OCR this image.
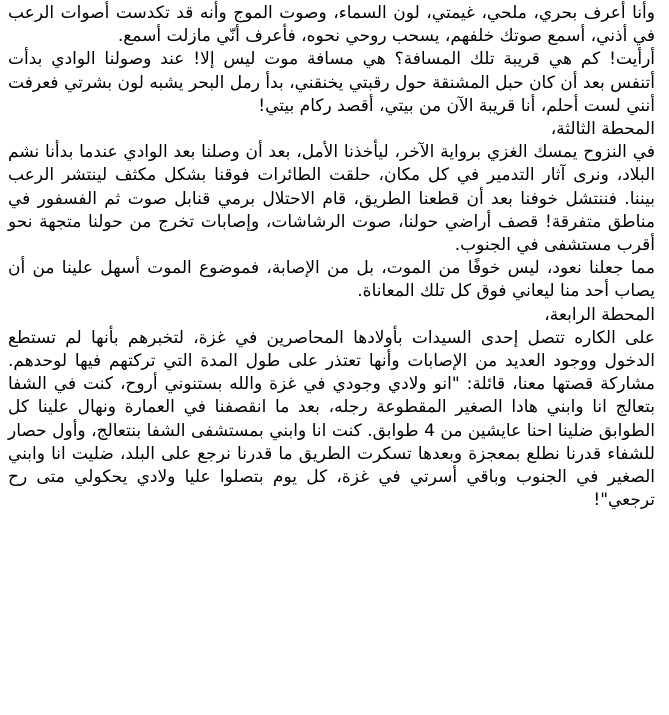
وأنا أعرف بحري، ملحي، غيمتي، لون السماء، وصوت الموج وأنه قد تكدست أصوات الرعب في أذني، أسمع صوتك خلفهم، يسحب روحي نحوه، فأعرف أنّي مازلت أسمع.

أرأيت! كم هي قريبة تلك المسافة؟ هي مسافة موت ليس إلا! عند وصولنا الوادي بدأت أتنفس بعد أن كان حبل المشنقة حول رقبتي يخنقني، بدأ رمل البحر يشبه لون بشرتي فعرفت أنني لست أحلم، أنا قريبة الآن من بيتي، أقصد ركام بيتي!

المحطة الثالثة،

في النزوح يمسك الغزي برواية الآخر، ليأخذنا الأمل، بعد أن وصلنا بعد الوادي عندما بدأنا نشم البلاد، ونرى آثار التدمير في كل مكان، حلقت الطائرات فوقنا بشكل مكثف لينتشر الرعب بيننا. فننتشل خوفنا بعد أن قطعنا الطريق، قام الاحتلال برمي قنابل صوت ثم الفسفور في مناطق متفرقة! قصف أراضي حولنا، صوت الرشاشات، وإصابات تخرج من حولنا متجهة نحو أقرب مستشفى في الجنوب.

مما جعلنا نعود، ليس خوفًا من الموت، بل من الإصابة، فموضوع الموت أسهل علينا من أن يصاب أحد منا ليعاني فوق كل تلك المعاناة.

المحطة الرابعة،

على الكاره تتصل إحدى السيدات بأولادها المحاصرين في غزة، لتخبرهم بأنها لم تستطع الدخول ووجود العديد من الإصابات وأنها تعتذر على طول المدة التي تركتهم فيها لوحدهم. مشاركة قصتها معنا، قائلة: "انو ولادي وجودي في غزة والله بستنوني أروح، كنت في الشفا بتعالج انا وابني هادا الصغير المقطوعة رجله، بعد ما انقصفنا في العمارة ونهال علينا كل الطوابق ضلينا احنا عايشين من 4 طوابق. كنت انا وابني بمستشفى الشفا بنتعالج، وأول حصار للشفاء قدرنا نطلع بمعجزة وبعدها تسكرت الطريق ما قدرنا نرجع على البلد، ضليت انا وابني الصغير في الجنوب وباقي أسرتي في غزة، كل يوم بتصلوا عليا ولادي يحكولي متى رح ترجعي"!
